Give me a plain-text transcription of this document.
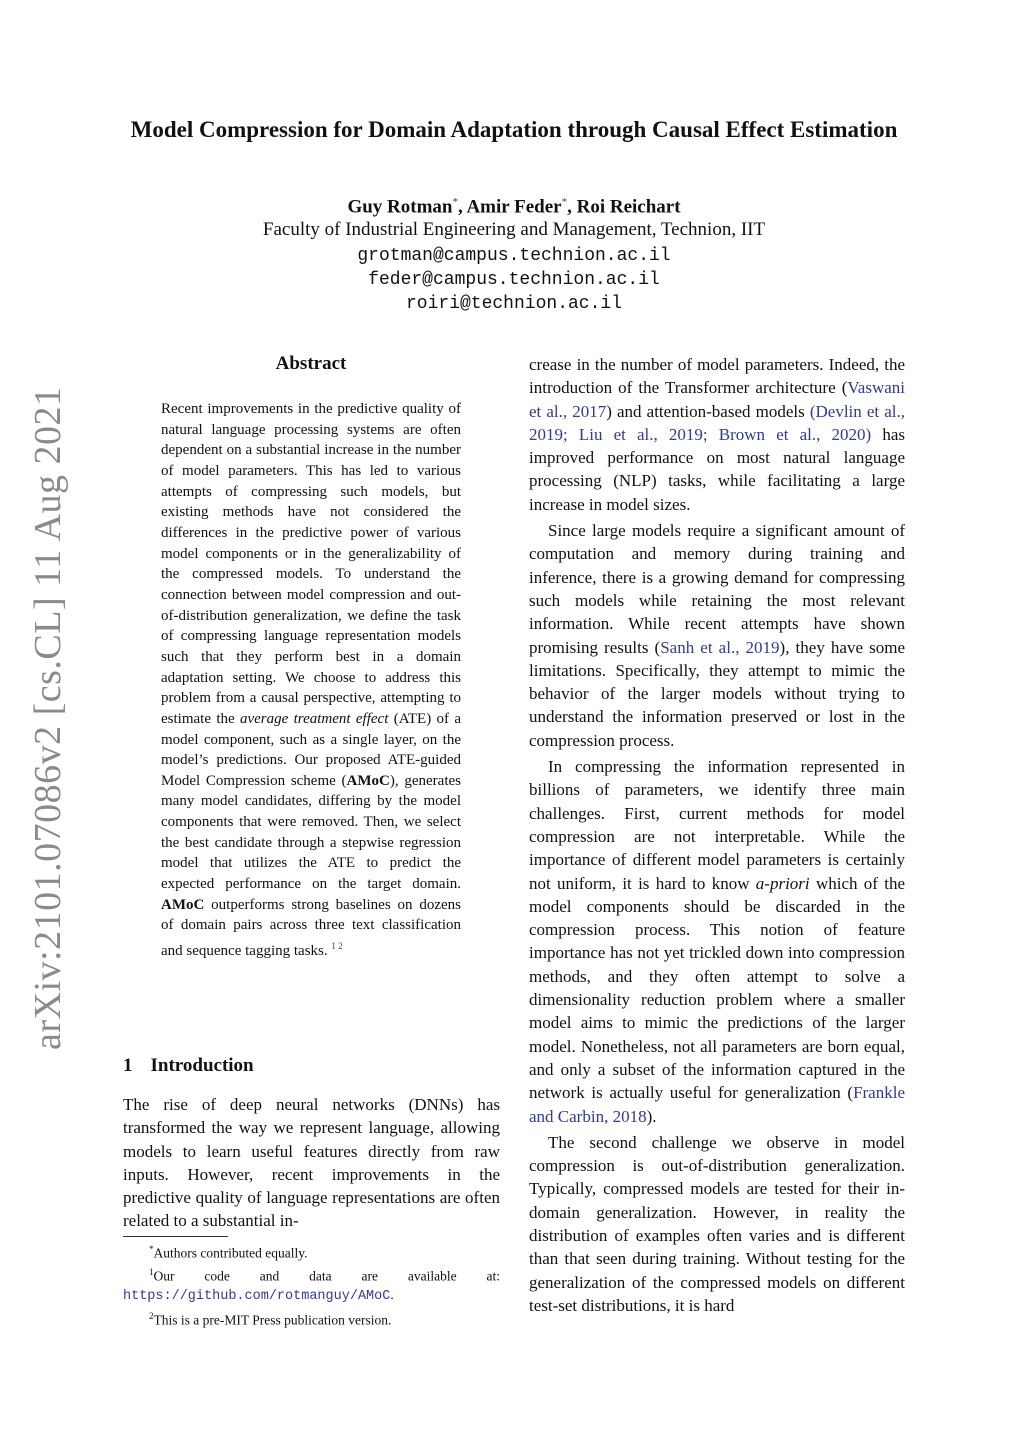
arXiv:2101.07086v2 [cs.CL] 11 Aug 2021
Model Compression for Domain Adaptation through Causal Effect Estimation
Guy Rotman*, Amir Feder*, Roi Reichart
Faculty of Industrial Engineering and Management, Technion, IIT
grotman@campus.technion.ac.il
feder@campus.technion.ac.il
roiri@technion.ac.il
Abstract
Recent improvements in the predictive quality of natural language processing systems are often dependent on a substantial increase in the number of model parameters. This has led to various attempts of compressing such models, but existing methods have not considered the differences in the predictive power of various model components or in the generalizability of the compressed models. To understand the connection between model compression and out-of-distribution generalization, we define the task of compressing language representation models such that they perform best in a domain adaptation setting. We choose to address this problem from a causal perspective, attempting to estimate the average treatment effect (ATE) of a model component, such as a single layer, on the model’s predictions. Our proposed ATE-guided Model Compression scheme (AMoC), generates many model candidates, differing by the model components that were removed. Then, we select the best candidate through a stepwise regression model that utilizes the ATE to predict the expected performance on the target domain. AMoC outperforms strong baselines on dozens of domain pairs across three text classification and sequence tagging tasks. $^{1 2}$
1 Introduction
The rise of deep neural networks (DNNs) has transformed the way we represent language, allowing models to learn useful features directly from raw inputs. However, recent improvements in the predictive quality of language representations are often related to a substantial in-
*Authors contributed equally.
$^1$Our code and data are available at: https://github.com/rotmanguy/AMoC.
$^2$This is a pre-MIT Press publication version.

crease in the number of model parameters. Indeed, the introduction of the Transformer architecture (Vaswani et al., 2017) and attention-based models (Devlin et al., 2019; Liu et al., 2019; Brown et al., 2020) has improved performance on most natural language processing (NLP) tasks, while facilitating a large increase in model sizes.

Since large models require a significant amount of computation and memory during training and inference, there is a growing demand for compressing such models while retaining the most relevant information. While recent attempts have shown promising results (Sanh et al., 2019), they have some limitations. Specifically, they attempt to mimic the behavior of the larger models without trying to understand the information preserved or lost in the compression process.

In compressing the information represented in billions of parameters, we identify three main challenges. First, current methods for model compression are not interpretable. While the importance of different model parameters is certainly not uniform, it is hard to know a-priori which of the model components should be discarded in the compression process. This notion of feature importance has not yet trickled down into compression methods, and they often attempt to solve a dimensionality reduction problem where a smaller model aims to mimic the predictions of the larger model. Nonetheless, not all parameters are born equal, and only a subset of the information captured in the network is actually useful for generalization (Frankle and Carbin, 2018).

The second challenge we observe in model compression is out-of-distribution generalization. Typically, compressed models are tested for their in-domain generalization. However, in reality the distribution of examples often varies and is different than that seen during training. Without testing for the generalization of the compressed models on different test-set distributions, it is hard
